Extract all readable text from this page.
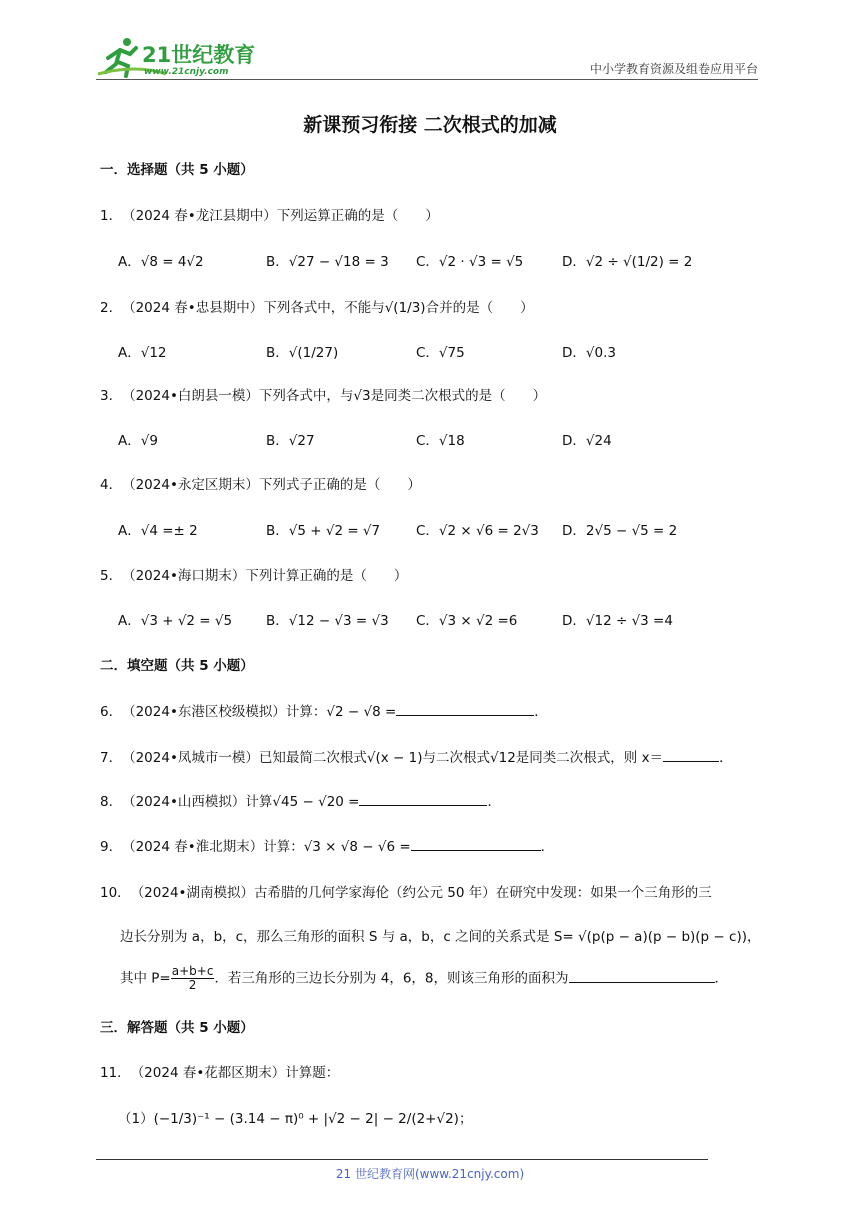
21世纪教育
www.21cnjy.com	中小学教育资源及组卷应用平台
新课预习衔接 二次根式的加减
一．选择题（共 5 小题）
1．（2024 春•龙江县期中）下列运算正确的是（　　）
A．√8 = 4√2	B．√27 − √18 = 3 C．√2 · √3 = √5	D．√2 ÷ √(1/2) = 2
2．（2024 春•忠县期中）下列各式中，不能与√(1/3)合并的是（　　）
A．√12	B．√(1/27)	C．√75	D．√0.3
3．（2024•白朗县一模）下列各式中，与√3是同类二次根式的是（　　）
A．√9	B．√27	C．√18	D．√24
4．（2024•永定区期末）下列式子正确的是（　　）
A．√4 =± 2	B．√5 + √2 = √7	C．√2 × √6 = 2√3 D．2√5 − √5 = 2
5．（2024•海口期末）下列计算正确的是（　　）
A．√3 + √2 = √5	B．√12 − √3 = √3 C．√3 × √2 =6	D．√12 ÷ √3 =4
二．填空题（共 5 小题）
6．（2024•东港区校级模拟）计算：√2 − √8 =	．
7．（2024•凤城市一模）已知最简二次根式√(x − 1)与二次根式√12是同类二次根式，则 x＝	．
8．（2024•山西模拟）计算√45 − √20 =	．
9．（2024 春•淮北期末）计算：√3 × √8 − √6 =	．
10．（2024•湖南模拟）古希腊的几何学家海伦（约公元 50 年）在研究中发现：如果一个三角形的三
边长分别为 a，b，c，那么三角形的面积 S 与 a，b，c 之间的关系式是 S= √(p(p − a)(p − b)(p − c))，
其中 $P= \frac{a+b+c}{2}$ ．若三角形的三边长分别为 4，6，8，则该三角形的面积为	．
三．解答题（共 5 小题）
11．（2024 春•花都区期末）计算题：
（1）(−1/3)⁻¹ − (3.14 − π)⁰ + |√2 − 2| − 2/(2+√2)；
21 世纪教育网(www.21cnjy.com)
